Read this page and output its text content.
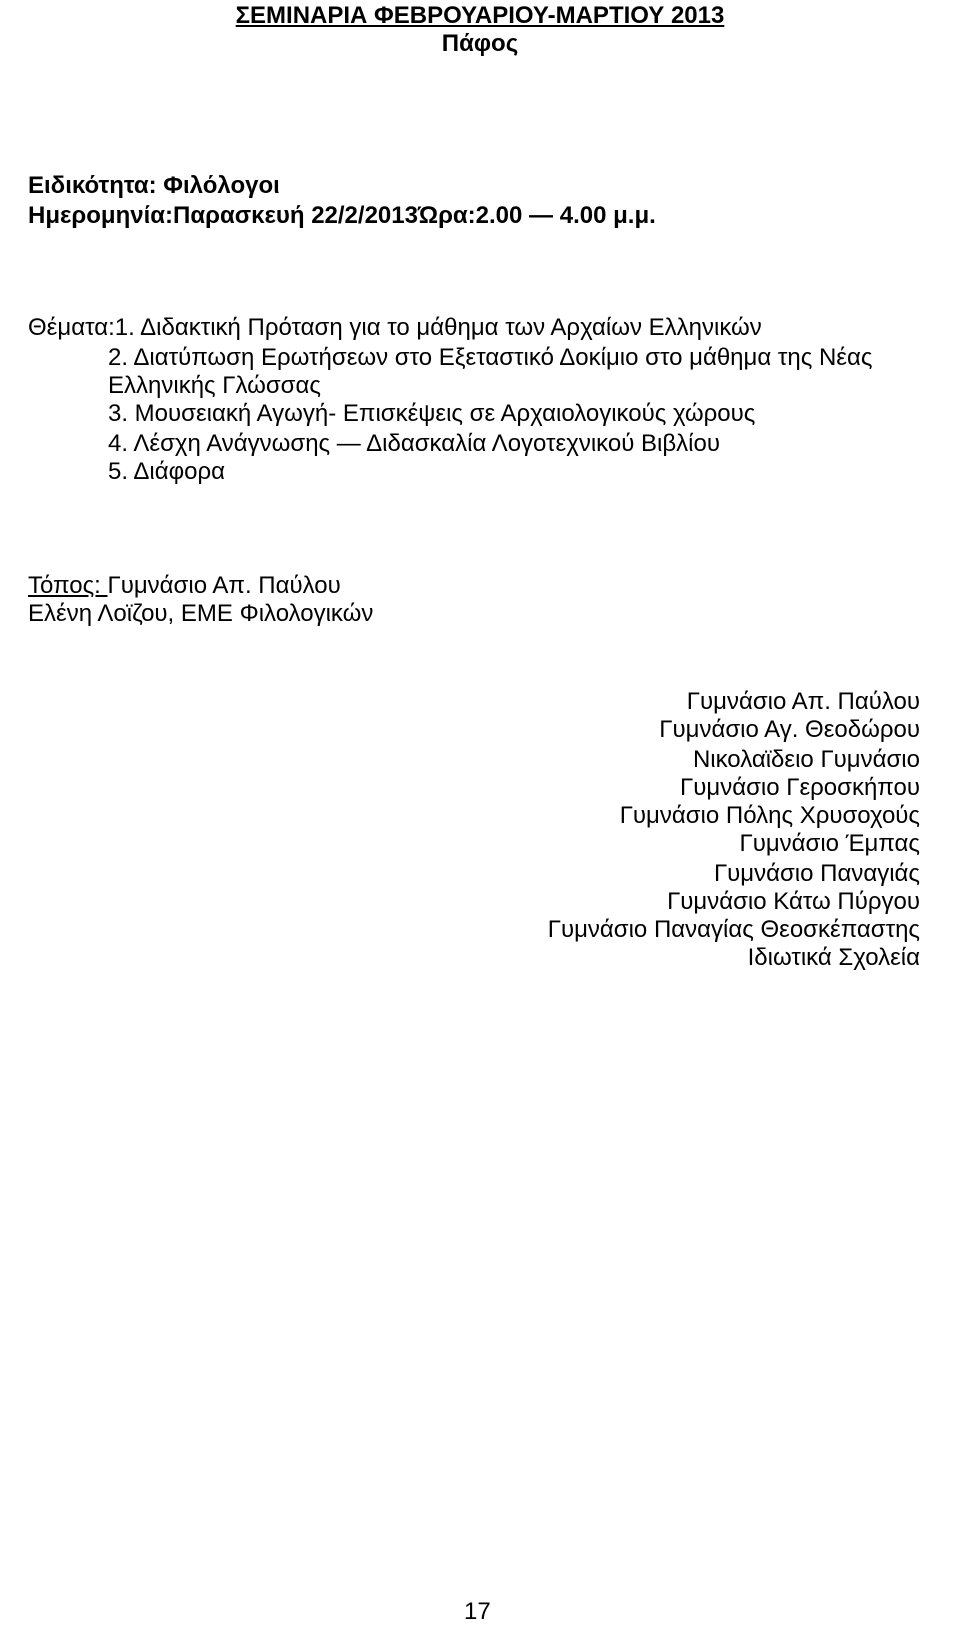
ΣΕΜΙΝΑΡΙΑ ΦΕΒΡΟΥΑΡΙΟΥ-ΜΑΡΤΙΟΥ 2013
Πάφος
Ειδικότητα: Φιλόλογοι
Ημερομηνία:Παρασκευή 22/2/2013Ώρα:2.00 — 4.00 μ.μ.
Θέματα:1. Διδακτική Πρόταση για το μάθημα των Αρχαίων Ελληνικών
2. Διατύπωση Ερωτήσεων στο Εξεταστικό Δοκίμιο στο μάθημα της Νέας
Ελληνικής Γλώσσας
3. Μουσειακή Αγωγή- Επισκέψεις σε Αρχαιολογικούς χώρους
4. Λέσχη Ανάγνωσης — Διδασκαλία Λογοτεχνικού Βιβλίου
5. Διάφορα
Τόπος: Γυμνάσιο Απ. Παύλου
Ελένη Λοϊζου, ΕΜΕ Φιλολογικών
Γυμνάσιο Απ. Παύλου
Γυμνάσιο Αγ. Θεοδώρου
Νικολαϊδειο Γυμνάσιο
Γυμνάσιο Γεροσκήπου
Γυμνάσιο Πόλης Χρυσοχούς
Γυμνάσιο Έμπας
Γυμνάσιο Παναγιάς
Γυμνάσιο Κάτω Πύργου
Γυμνάσιο Παναγίας Θεοσκέπαστης
Ιδιωτικά Σχολεία
17
